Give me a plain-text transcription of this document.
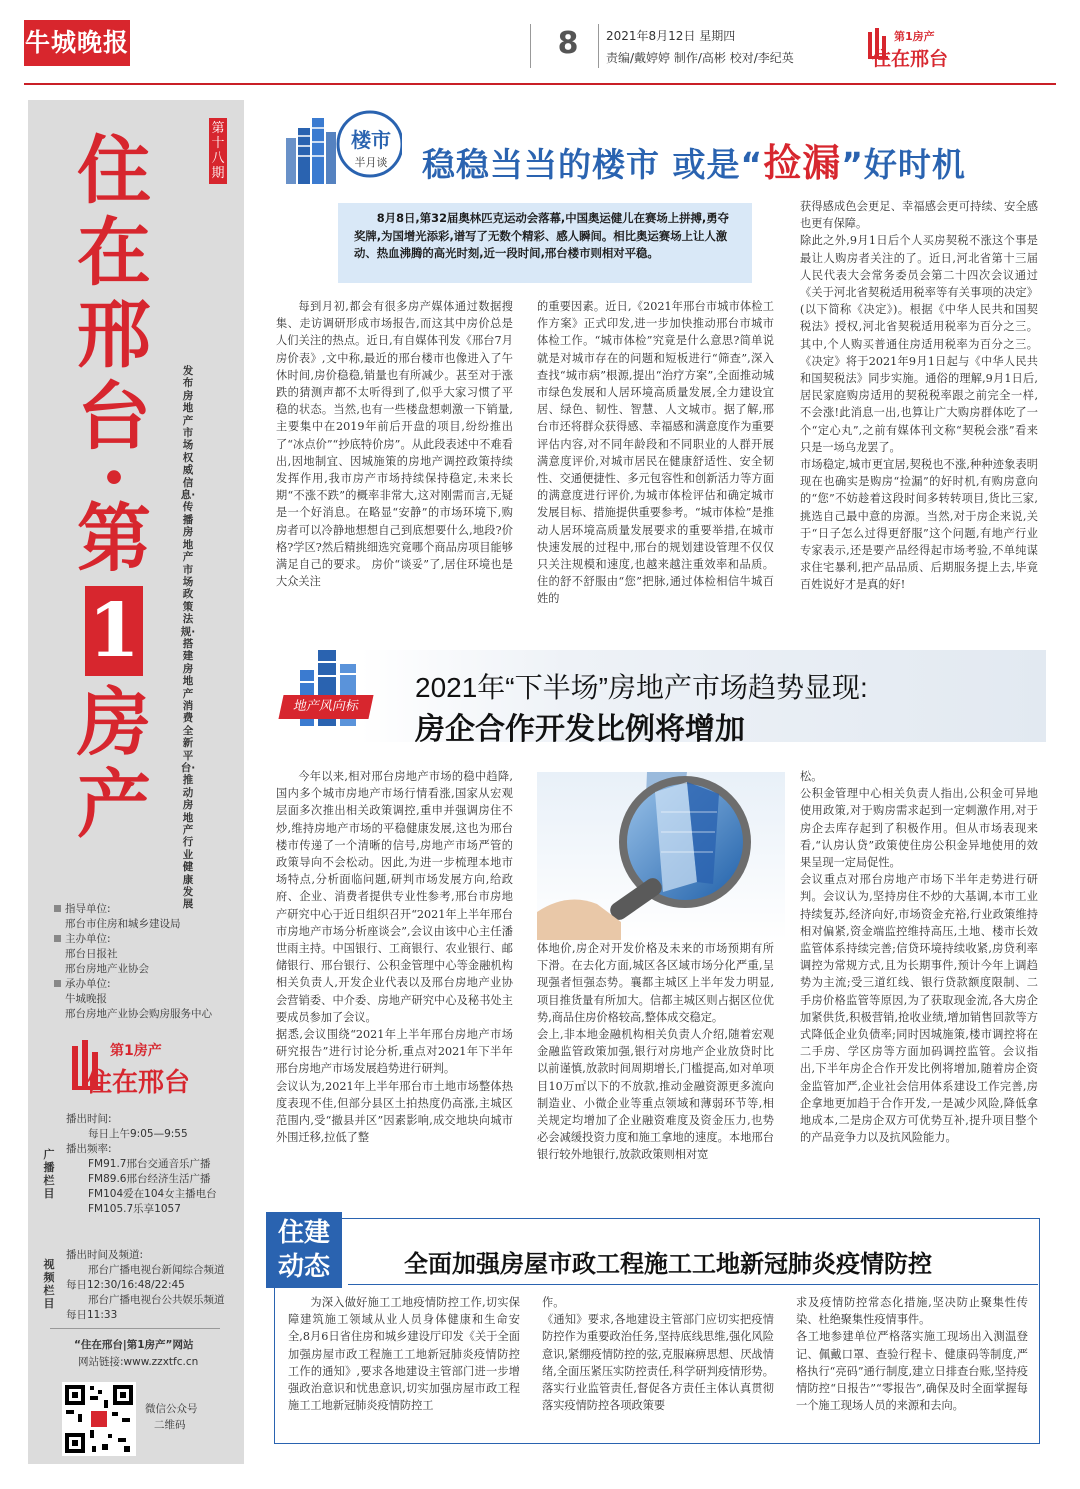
牛城晚报	8	2021年8月12日 星期四
责编/戴婷婷 制作/高彬 校对/李纪英
第1房产
住在邢台
住
在
邢
台
·
第
1
房
产
第十八期
发布房地产市场权威信息·传播房地产市场政策法规·搭建房地产消费全新平台·推动房地产行业健康发展
指导单位:
邢台市住房和城乡建设局
主办单位:
邢台日报社
邢台房地产业协会
承办单位:
牛城晚报
邢台房地产业协会购房服务中心
第1房产
住在邢台
广播栏目
播出时间:
每日上午9:05—9:55
播出频率:
FM91.7邢台交通音乐广播
FM89.6邢台经济生活广播
FM104爱在104女主播电台
FM105.7乐享1057
视频栏目
播出时间及频道:
邢台广播电视台新闻综合频道
每日12:30/16:48/22:45
邢台广播电视台公共娱乐频道
每日11:33
“住在邢台|第1房产”网站
网站链接:www.zzxtfc.cn
微信公众号
二维码
楼市
半月谈 稳稳当当的楼市 或是“捡漏”好时机
8月8日,第32届奥林匹克运动会落幕,中国奥运健儿在赛场上拼搏,勇夺奖牌,为国增光添彩,谱写了无数个精彩、感人瞬间。相比奥运赛场上让人激动、热血沸腾的高光时刻,近一段时间,邢台楼市则相对平稳。
每到月初,都会有很多房产媒体通过数据搜集、走访调研形成市场报告,而这其中房价总是人们关注的热点。近日,有自媒体刊发《邢台7月房价表》,文中称,最近的邢台楼市也像进入了午休时间,房价稳稳,销量也有所减少。甚至对于涨跌的猜测声都不太听得到了,似乎大家习惯了平稳的状态。当然,也有一些楼盘想刺激一下销量,主要集中在2019年前后开盘的项目,纷纷推出了“冰点价”“抄底特价房”。从此段表述中不难看出,因地制宜、因城施策的房地产调控政策持续发挥作用,我市房产市场持续保持稳定,未来长期“不涨不跌”的概率非常大,这对刚需而言,无疑是一个好消息。在略显“安静”的市场环境下,购房者可以冷静地想想自己到底想要什么,地段?价格?学区?然后精挑细选究竟哪个商品房项目能够满足自己的要求。 房价“谈妥”了,居住环境也是大众关注
的重要因素。近日,《2021年邢台市城市体检工作方案》正式印发,进一步加快推动邢台市城市体检工作。“城市体检”究竟是什么意思?简单说就是对城市存在的问题和短板进行“筛查”,深入查找“城市病”根源,提出“治疗方案”,全面推动城市绿色发展和人居环境高质量发展,全力建设宜居、绿色、韧性、智慧、人文城市。据了解,邢台市还将群众获得感、幸福感和满意度作为重要评估内容,对不同年龄段和不同职业的人群开展满意度评价,对城市居民在健康舒适性、安全韧性、交通便捷性、多元包容性和创新活力等方面的满意度进行评价,为城市体检评估和确定城市发展目标、措施提供重要参考。“城市体检”是推动人居环境高质量发展要求的重要举措,在城市快速发展的过程中,邢台的规划建设管理不仅仅只关注规模和速度,也越来越注重效率和品质。住的舒不舒服由“您”把脉,通过体检相信牛城百姓的
获得感成色会更足、幸福感会更可持续、安全感也更有保障。
除此之外,9月1日后个人买房契税不涨这个事是最让人购房者关注的了。近日,河北省第十三届人民代表大会常务委员会第二十四次会议通过《关于河北省契税适用税率等有关事项的决定》(以下简称《决定》)。根据《中华人民共和国契税法》授权,河北省契税适用税率为百分之三。其中,个人购买普通住房适用税率为百分之三。《决定》将于2021年9月1日起与《中华人民共和国契税法》同步实施。通俗的理解,9月1日后,居民家庭购房适用的契税税率跟之前完全一样,不会涨!此消息一出,也算让广大购房群体吃了一个“定心丸”,之前有媒体刊文称“契税会涨”看来只是一场乌龙罢了。
市场稳定,城市更宜居,契税也不涨,种种迹象表明现在也确实是购房“捡漏”的好时机,有购房意向的“您”不妨趁着这段时间多转转项目,货比三家,挑选自己最中意的房源。当然,对于房企来说,关于“日子怎么过得更舒服”这个问题,有地产行业专家表示,还是要产品经得起市场考验,不单纯谋求住宅暴利,把产品品质、后期服务提上去,毕竟百姓说好才是真的好!
地产风向标
2021年“下半场”房地产市场趋势显现:
房企合作开发比例将增加
今年以来,相对邢台房地产市场的稳中趋降,国内多个城市房地产市场行情看涨,国家从宏观层面多次推出相关政策调控,重申并强调房住不炒,维持房地产市场的平稳健康发展,这也为邢台楼市传递了一个清晰的信号,房地产市场严管的政策导向不会松动。因此,为进一步梳理本地市场特点,分析面临问题,研判市场发展方向,给政府、企业、消费者提供专业性参考,邢台市房地产研究中心于近日组织召开“2021年上半年邢台市房地产市场分析座谈会”,会议由该中心主任潘世雨主持。中国银行、工商银行、农业银行、邮储银行、邢台银行、公积金管理中心等金融机构相关负责人,开发企业代表以及邢台房地产业协会营销委、中介委、房地产研究中心及秘书处主要成员参加了会议。
据悉,会议围绕“2021年上半年邢台房地产市场研究报告”进行讨论分析,重点对2021年下半年邢台房地产市场发展趋势进行研判。
会议认为,2021年上半年邢台市土地市场整体热度表现不佳,但部分县区土拍热度仍高涨,主城区范围内,受“撤县并区”因素影响,成交地块向城市外围迁移,拉低了整
体地价,房企对开发价格及未来的市场预期有所下滑。在去化方面,城区各区域市场分化严重,呈现强者恒强态势。襄都主城区上半年发力明显,项目推货量有所加大。信都主城区则占据区位优势,商品住房价格较高,整体成交稳定。
会上,非本地金融机构相关负责人介绍,随着宏观金融监管政策加强,银行对房地产企业放贷时比以前谨慎,放款时间周期增长,门槛提高,如对单项目10万㎡以下的不放款,推动金融资源更多流向制造业、小微企业等重点领域和薄弱环节等,相关规定均增加了企业融资难度及资金压力,也势必会减缓投资力度和施工拿地的速度。本地邢台银行较外地银行,放款政策则相对宽
松。
公积金管理中心相关负责人指出,公积金可异地使用政策,对于购房需求起到一定刺激作用,对于房企去库存起到了积极作用。但从市场表现来看,“认房认贷”政策使住房公积金异地使用的效果呈现一定局促性。
会议重点对邢台房地产市场下半年走势进行研判。会议认为,坚持房住不炒的大基调,本市工业持续复苏,经济向好,市场资金充裕,行业政策维持相对偏紧,资金端监控维持高压,土地、楼市长效监管体系持续完善;信贷环境持续收紧,房贷利率调控为常规方式,且为长期事件,预计今年上调趋势为主流;受三道红线、银行贷款额度限制、二手房价格监管等原因,为了获取现金流,各大房企加紧供货,积极营销,抢收业绩,增加销售回款等方式降低企业负债率;同时因城施策,楼市调控将在二手房、学区房等方面加码调控监管。会议指出,下半年房企合作开发比例将增加,随着房企资金监管加严,企业社会信用体系建设工作完善,房企拿地更加趋于合作开发,一是减少风险,降低拿地成本,二是房企双方可优势互补,提升项目整个的产品竞争力以及抗风险能力。
住建
动态	全面加强房屋市政工程施工工地新冠肺炎疫情防控
为深入做好施工工地疫情防控工作,切实保障建筑施工领域从业人员身体健康和生命安全,8月6日省住房和城乡建设厅印发《关于全面加强房屋市政工程施工工地新冠肺炎疫情防控工作的通知》,要求各地建设主管部门进一步增强政治意识和忧患意识,切实加强房屋市政工程施工工地新冠肺炎疫情防控工
作。
《通知》要求,各地建设主管部门应切实把疫情防控作为重要政治任务,坚持底线思维,强化风险意识,紧绷疫情防控的弦,克服麻痹思想、厌战情绪,全面压紧压实防控责任,科学研判疫情形势。落实行业监管责任,督促各方责任主体认真贯彻落实疫情防控各项政策要
求及疫情防控常态化措施,坚决防止聚集性传染、杜绝聚集性疫情事件。
各工地参建单位严格落实施工现场出入测温登记、佩戴口罩、查验行程卡、健康码等制度,严格执行“亮码”通行制度,建立日排查台账,坚持疫情防控“日报告”“零报告”,确保及时全面掌握每一个施工现场人员的来源和去向。
